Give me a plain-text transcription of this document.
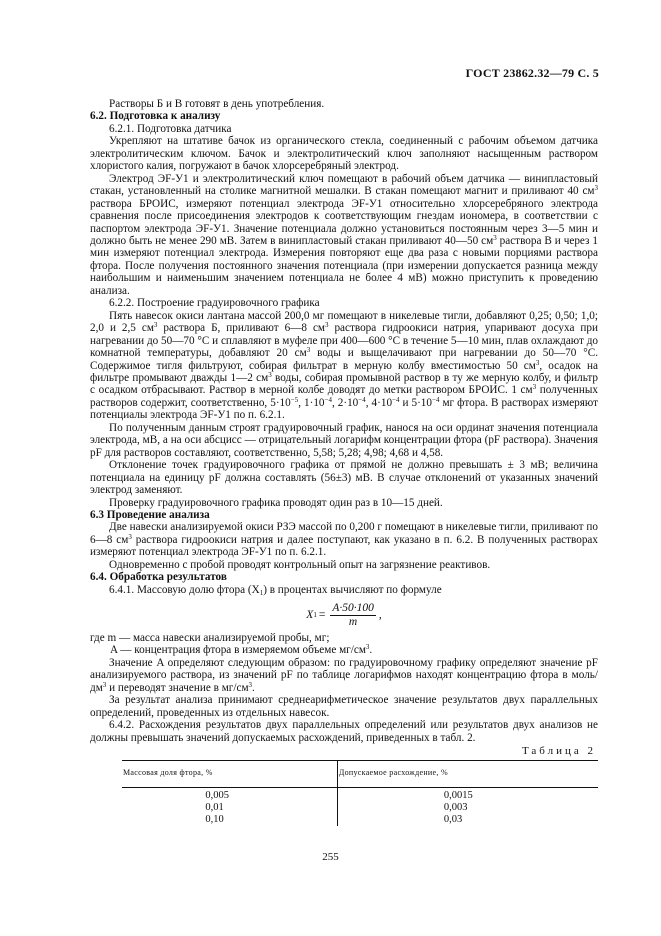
ГОСТ 23862.32—79 С. 5

Растворы Б и В готовят в день употребления.

6.2. Подготовка к анализу

6.2.1. Подготовка датчика

Укрепляют на штативе бачок из органического стекла, соединенный с рабочим объемом датчика электролитическим ключом. Бачок и электролитический ключ заполняют насыщенным раствором хлористого калия, погружают в бачок хлорсеребряный электрод.

Электрод ЭF-У1 и электролитический ключ помещают в рабочий объем датчика — винипластовый стакан, установленный на столике магнитной мешалки. В стакан помещают магнит и приливают 40 $см^3$ раствора БРОИС, измеряют потенциал электрода ЭF-У1 относительно хлорсеребряного электрода сравнения после присоединения электродов к соответствующим гнездам иономера, в соответствии с паспортом электрода ЭF-У1. Значение потенциала должно установиться постоянным через 3—5 мин и должно быть не менее 290 мВ. Затем в винипластовый стакан приливают 40—50 $см^3$ раствора В и через 1 мин измеряют потенциал электрода. Измерения повторяют еще два раза с новыми порциями раствора фтора. После получения постоянного значения потенциала (при измерении допускается разница между наибольшим и наименьшим значением потенциала не более 4 мВ) можно приступить к проведению анализа.

6.2.2. Построение градуировочного графика

Пять навесок окиси лантана массой 200,0 мг помещают в никелевые тигли, добавляют 0,25; 0,50; 1,0; 2,0 и 2,5 $см^3$ раствора Б, приливают 6—8 $см^3$ раствора гидроокиси натрия, упаривают досуха при нагревании до 50—70 °С и сплавляют в муфеле при 400—600 °С в течение 5—10 мин, плав охлаждают до комнатной температуры, добавляют 20 $см^3$ воды и выщелачивают при нагревании до 50—70 °С. Содержимое тигля фильтруют, собирая фильтрат в мерную колбу вместимостью 50 $см^3$, осадок на фильтре промывают дважды 1—2 $см^3$ воды, собирая промывной раствор в ту же мерную колбу, и фильтр с осадком отбрасывают. Раствор в мерной колбе доводят до метки раствором БРОИС. 1 $см^3$ полученных растворов содержит, соответственно, $5\cdot 10^{-5}$, $1\cdot 10^{-4}$, $2\cdot 10^{-4}$, $4\cdot 10^{-4}$ и $5\cdot 10^{-4}$ мг фтора. В растворах измеряют потенциалы электрода ЭF-У1 по п. 6.2.1.

По полученным данным строят градуировочный график, нанося на оси ординат значения потенциала электрода, мВ, а на оси абсцисс — отрицательный логарифм концентрации фтора (pF раствора). Значения pF для растворов составляют, соответственно, 5,58; 5,28; 4,98; 4,68 и 4,58.

Отклонение точек градуировочного графика от прямой не должно превышать ± 3 мВ; величина потенциала на единицу pF должна составлять (56±3) мВ. В случае отклонений от указанных значений электрод заменяют.

Проверку градуировочного графика проводят один раз в 10—15 дней.

6.3 Проведение анализа

Две навески анализируемой окиси РЗЭ массой по 0,200 г помещают в никелевые тигли, приливают по 6—8 $см^3$ раствора гидроокиси натрия и далее поступают, как указано в п. 6.2. В полученных растворах измеряют потенциал электрода ЭF-У1 по п. 6.2.1.

Одновременно с пробой проводят контрольный опыт на загрязнение реактивов.

6.4. Обработка результатов

6.4.1. Массовую долю фтора $(X_1)$ в процентах вычисляют по формуле

X $1 = \frac{A\cdot 50\cdot 100}{m}$ ,

где m — масса навески анализируемой пробы, мг;

A — концентрация фтора в измеряемом объеме $мг/см^3$.

Значение A определяют следующим образом: по градуировочному графику определяют значение pF анализируемого раствора, из значений pF по таблице логарифмов находят концентрацию фтора в моль/$дм^3$ и переводят значение в $мг/см^3$.

За результат анализа принимают среднеарифметическое значение результатов двух параллельных определений, проведенных из отдельных навесок.

6.4.2. Расхождения результатов двух параллельных определений или результатов двух анализов не должны превышать значений допускаемых расхождений, приведенных в табл. 2.

Таблица 2
Массовая доля фтора, %	Допускаемое расхождение, %
0,005	0,0015
0,01	0,003
0,10	0,03
255
